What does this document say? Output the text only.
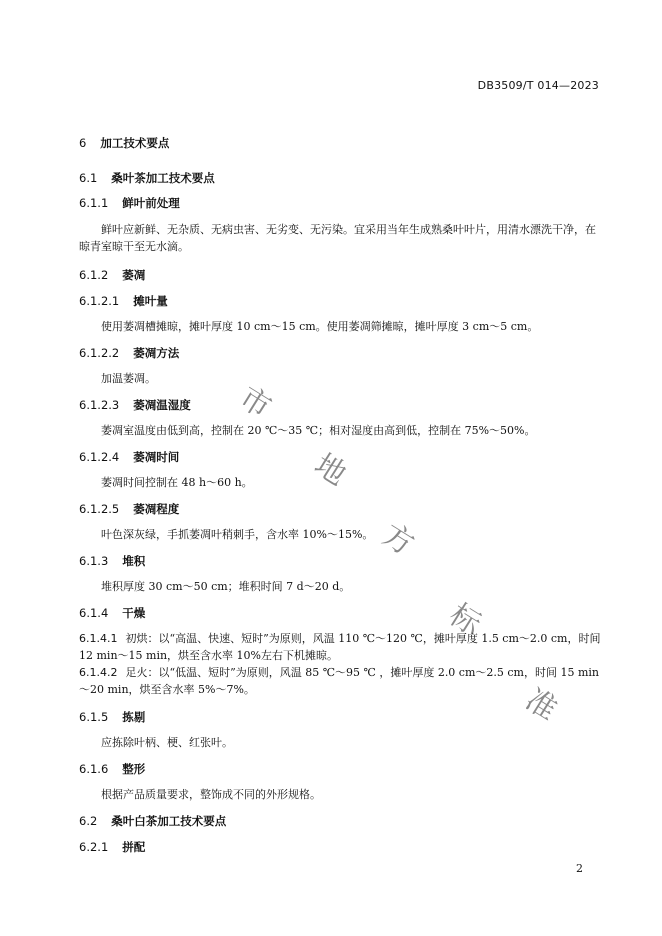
DB3509/T 014—2023
6 加工技术要点
6.1 桑叶茶加工技术要点
6.1.1 鲜叶前处理
鲜叶应新鲜、无杂质、无病虫害、无劣变、无污染。宜采用当年生成熟桑叶叶片，用清水漂洗干净，在晾青室晾干至无水滴。
6.1.2 萎凋
6.1.2.1 摊叶量
使用萎凋槽摊晾，摊叶厚度 10 cm～15 cm。使用萎凋筛摊晾，摊叶厚度 3 cm～5 cm。
6.1.2.2 萎凋方法
加温萎凋。
6.1.2.3 萎凋温湿度
萎凋室温度由低到高，控制在 20 ℃～35 ℃；相对湿度由高到低，控制在 75%～50%。
6.1.2.4 萎凋时间
萎凋时间控制在 48 h～60 h。
6.1.2.5 萎凋程度
叶色深灰绿，手抓萎凋叶稍刺手，含水率 10%～15%。
6.1.3 堆积
堆积厚度 30 cm～50 cm；堆积时间 7 d～20 d。
6.1.4 干燥
6.1.4.1 初烘：以“高温、快速、短时”为原则，风温 110 ℃～120 ℃，摊叶厚度 1.5 cm～2.0 cm，时间 12 min～15 min，烘至含水率 10%左右下机摊晾。
6.1.4.2 足火：以“低温、短时”为原则，风温 85 ℃～95 ℃ ，摊叶厚度 2.0 cm～2.5 cm，时间 15 min～20 min，烘至含水率 5%～7%。
6.1.5 拣剔
应拣除叶柄、梗、红张叶。
6.1.6 整形
根据产品质量要求，整饰成不同的外形规格。
6.2 桑叶白茶加工技术要点
6.2.1 拼配
2
市
地
方
标
准
